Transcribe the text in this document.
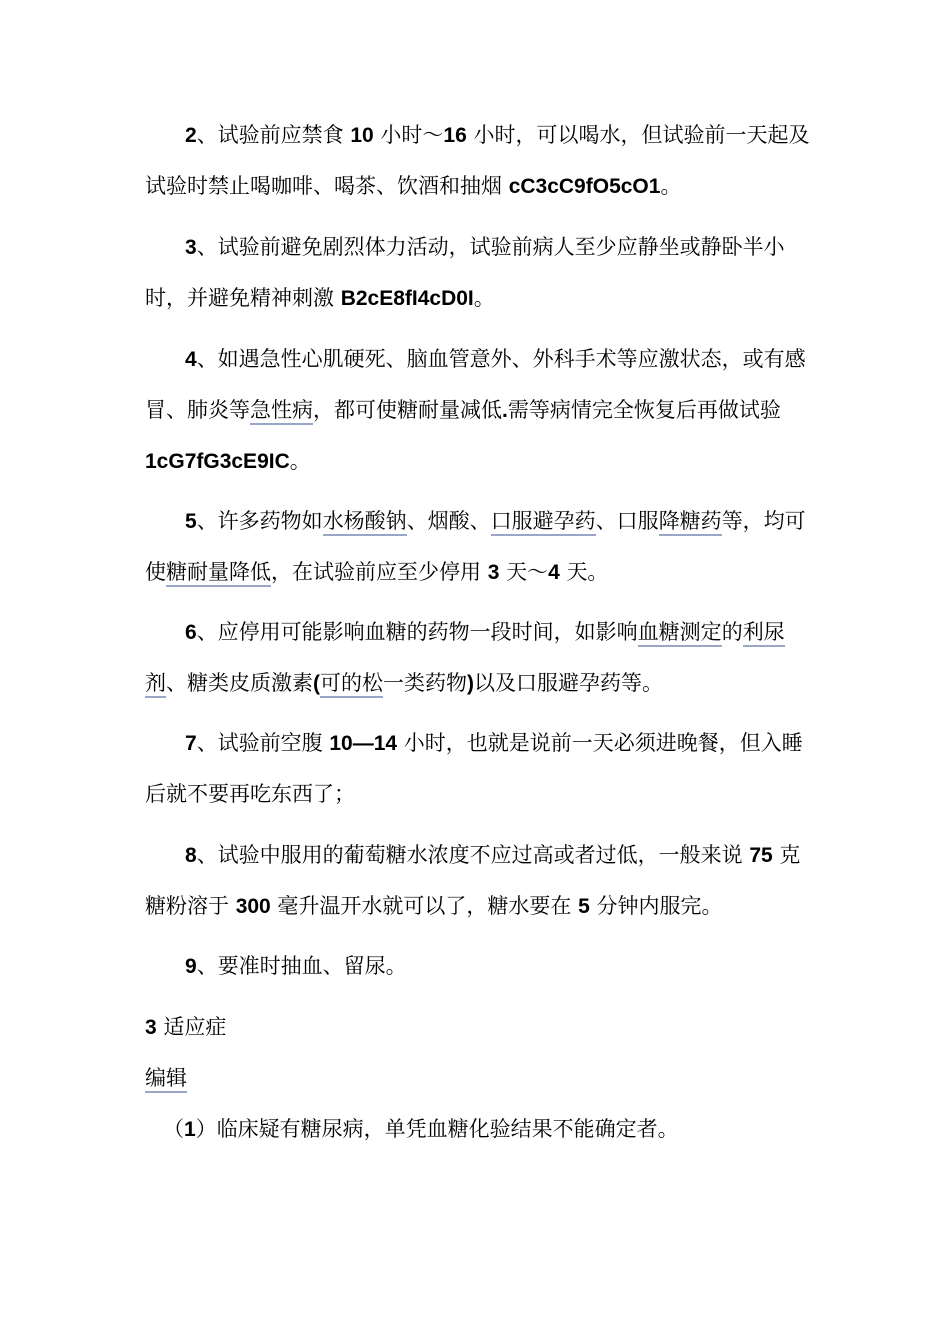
2、试验前应禁食 10 小时～16 小时，可以喝水，但试验前一天起及试验时禁止喝咖啡、喝茶、饮酒和抽烟 cC3cC9fO5cO1。

3、试验前避免剧烈体力活动，试验前病人至少应静坐或静卧半小时，并避免精神刺激 B2cE8fI4cD0I。

4、如遇急性心肌硬死、脑血管意外、外科手术等应激状态，或有感冒、肺炎等急性病，都可使糖耐量减低.需等病情完全恢复后再做试验 1cG7fG3cE9IC。

5、许多药物如水杨酸钠、烟酸、口服避孕药、口服降糖药等，均可使糖耐量降低，在试验前应至少停用 3 天～4 天。

6、应停用可能影响血糖的药物一段时间，如影响血糖测定的利尿剂、糖类皮质激素(可的松一类药物)以及口服避孕药等。

7、试验前空腹 10—14 小时，也就是说前一天必须进晚餐，但入睡后就不要再吃东西了；

8、试验中服用的葡萄糖水浓度不应过高或者过低，一般来说 75 克糖粉溶于 300 毫升温开水就可以了，糖水要在 5 分钟内服完。

9、要准时抽血、留尿。

3 适应症

编辑

（1）临床疑有糖尿病，单凭血糖化验结果不能确定者。
